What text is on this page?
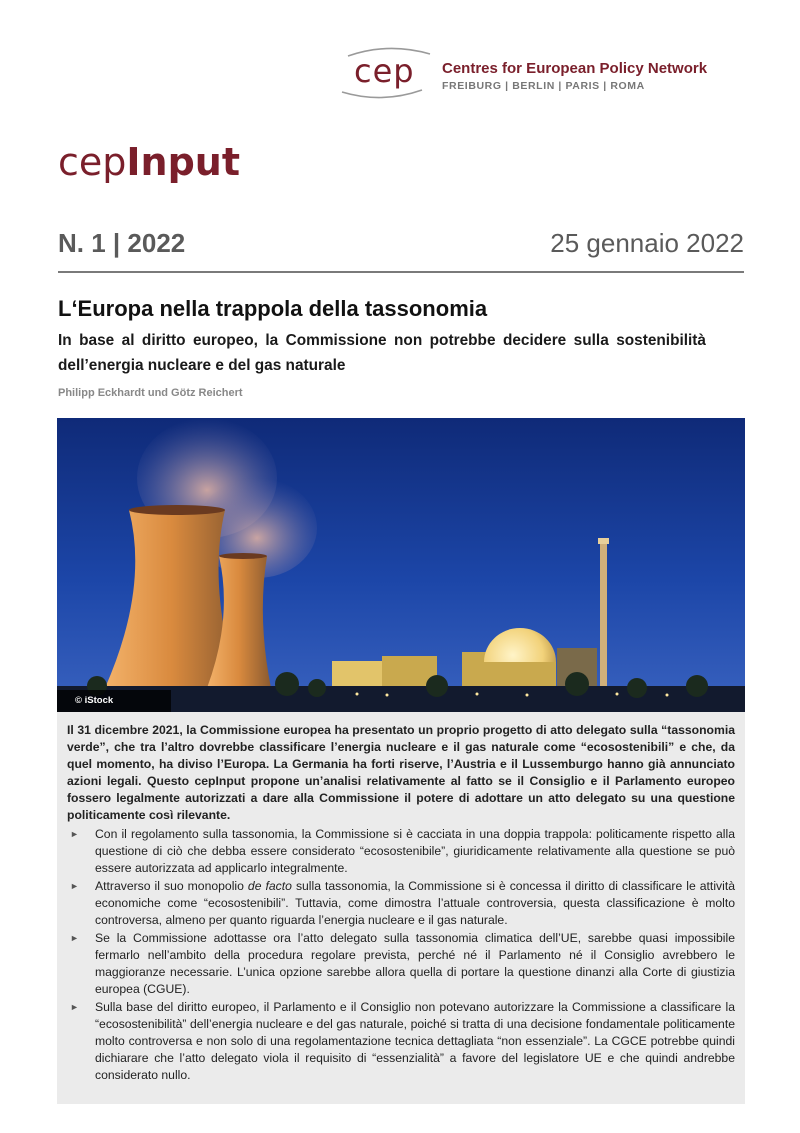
cep Centres for European Policy Network
FREIBURG | BERLIN | PARIS | ROMA
cepInput
N. 1 | 2022	25 gennaio 2022
L‘Europa nella trappola della tassonomia
In base al diritto europeo, la Commissione non potrebbe decidere sulla sostenibilità dell’energia nucleare e del gas naturale
Philipp Eckhardt und Götz Reichert
© iStock

Il 31 dicembre 2021, la Commissione europea ha presentato un proprio progetto di atto delegato sulla “tassonomia verde”, che tra l’altro dovrebbe classificare l’energia nucleare e il gas naturale come “ecosostenibili” e che, da quel momento, ha diviso l’Europa. La Germania ha forti riserve, l’Austria e il Lussemburgo hanno già annunciato azioni legali. Questo cepInput propone un’analisi relativamente al fatto se il Consiglio e il Parlamento europeo fossero legalmente autorizzati a dare alla Commissione il potere di adottare un atto delegato su una questione politicamente così rilevante.

► Con il regolamento sulla tassonomia, la Commissione si è cacciata in una doppia trappola: politicamente rispetto alla questione di ciò che debba essere considerato “ecosostenibile”, giuridicamente relativamente alla questione se può essere autorizzata ad applicarlo integralmente.
► Attraverso il suo monopolio de facto sulla tassonomia, la Commissione si è concessa il diritto di classificare le attività economiche come “ecosostenibili”. Tuttavia, come dimostra l’attuale controversia, questa classificazione è molto controversa, almeno per quanto riguarda l’energia nucleare e il gas naturale.
► Se la Commissione adottasse ora l’atto delegato sulla tassonomia climatica dell’UE, sarebbe quasi impossibile fermarlo nell’ambito della procedura regolare prevista, perché né il Parlamento né il Consiglio avrebbero le maggioranze necessarie. L’unica opzione sarebbe allora quella di portare la questione dinanzi alla Corte di giustizia europea (CGUE).
► Sulla base del diritto europeo, il Parlamento e il Consiglio non potevano autorizzare la Commissione a classificare la “ecosostenibilità” dell’energia nucleare e del gas naturale, poiché si tratta di una decisione fondamentale politicamente molto controversa e non solo di una regolamentazione tecnica dettagliata “non essenziale”. La CGCE potrebbe quindi dichiarare che l’atto delegato viola il requisito di “essenzialità” a favore del legislatore UE e che quindi andrebbe considerato nullo.
